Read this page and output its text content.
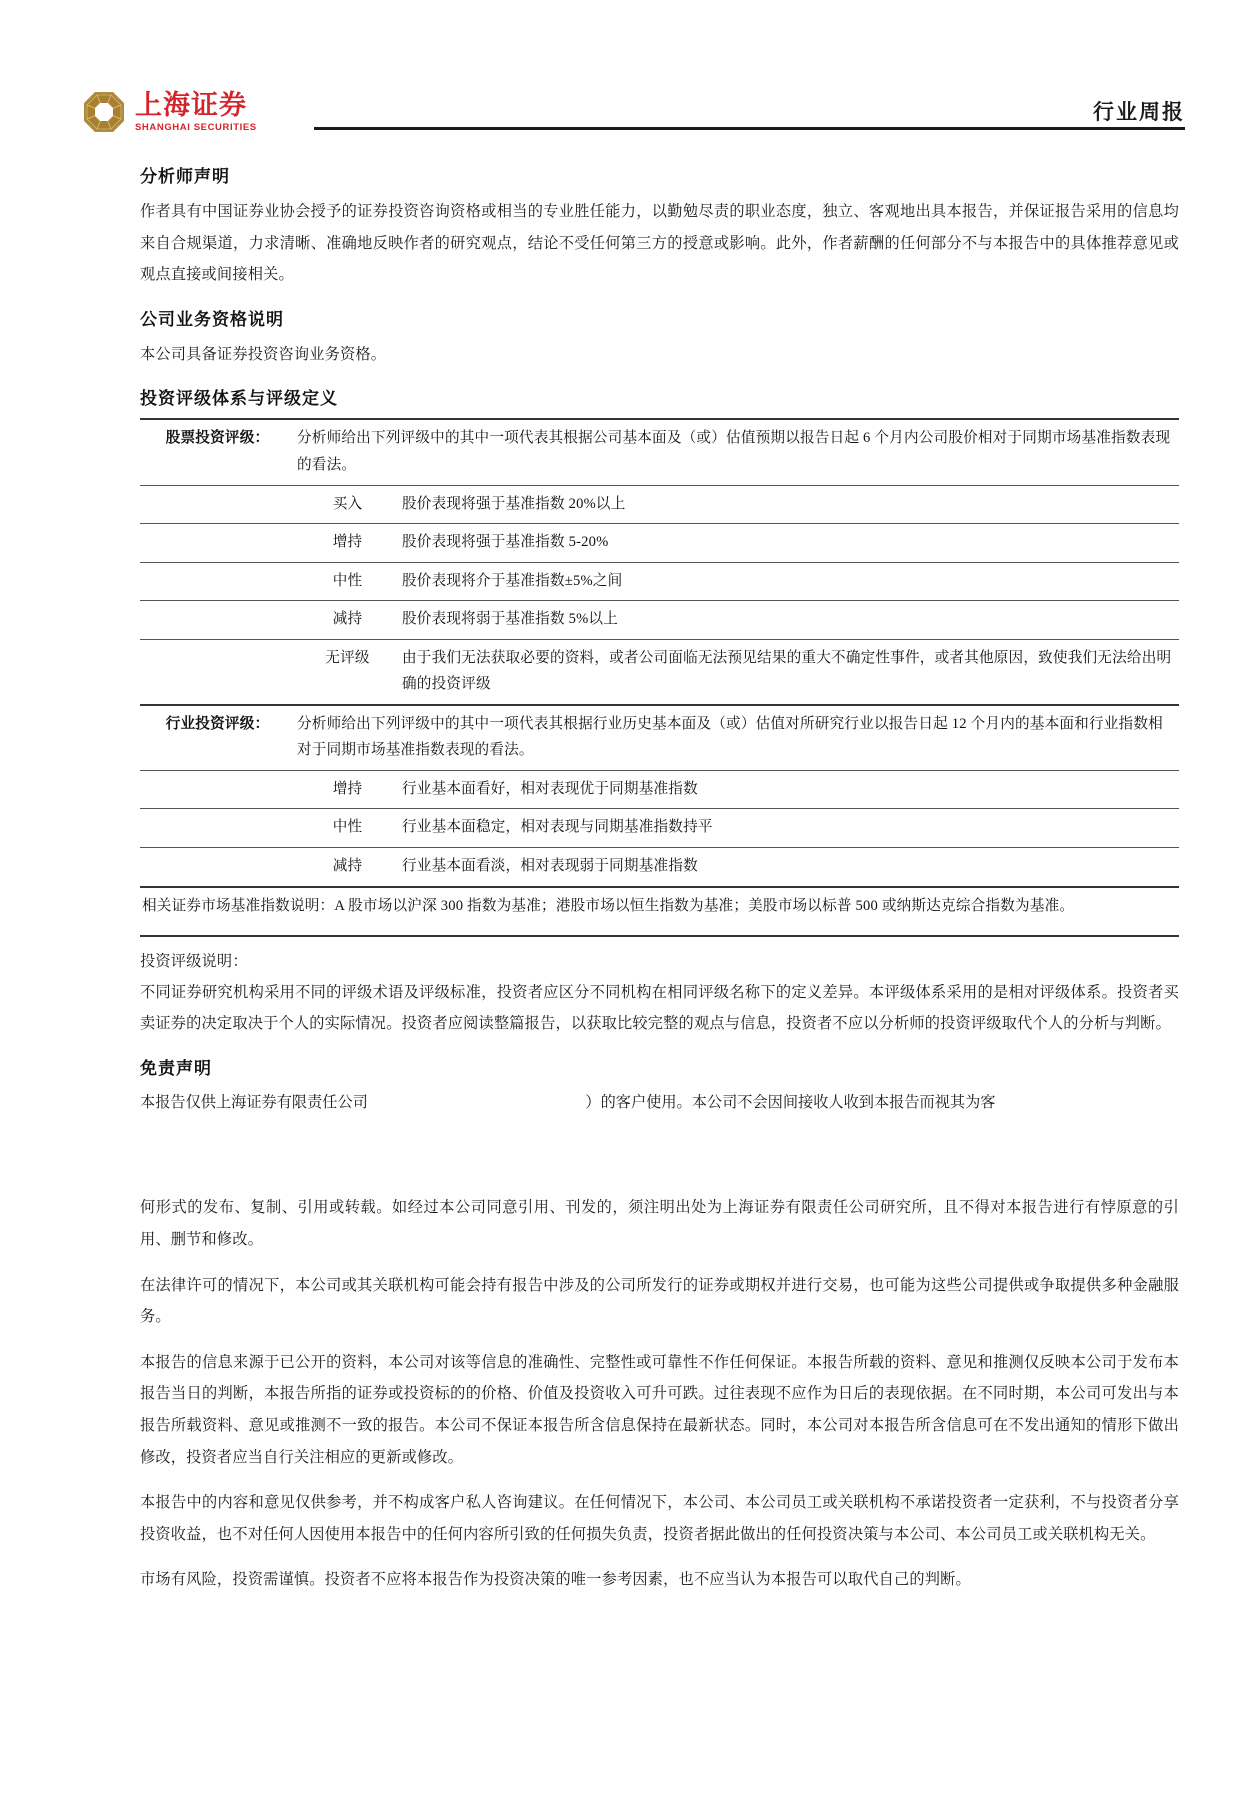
上海证券
SHANGHAI SECURITIES
行业周报
分析师声明

作者具有中国证券业协会授予的证券投资咨询资格或相当的专业胜任能力，以勤勉尽责的职业态度，独立、客观地出具本报告，并保证报告采用的信息均来自合规渠道，力求清晰、准确地反映作者的研究观点，结论不受任何第三方的授意或影响。此外，作者薪酬的任何部分不与本报告中的具体推荐意见或观点直接或间接相关。

公司业务资格说明

本公司具备证券投资咨询业务资格。

投资评级体系与评级定义
股票投资评级：	分析师给出下列评级中的其中一项代表其根据公司基本面及（或）估值预期以报告日起 6 个月内公司股价相对于同期市场基准指数表现的看法。	
	买入	股价表现将强于基准指数 20%以上
	增持	股价表现将强于基准指数 5-20%
	中性	股价表现将介于基准指数±5%之间
	减持	股价表现将弱于基准指数 5%以上
	无评级	由于我们无法获取必要的资料，或者公司面临无法预见结果的重大不确定性事件，或者其他原因，致使我们无法给出明确的投资评级
行业投资评级：	分析师给出下列评级中的其中一项代表其根据行业历史基本面及（或）估值对所研究行业以报告日起 12 个月内的基本面和行业指数相对于同期市场基准指数表现的看法。	
	增持	行业基本面看好，相对表现优于同期基准指数
	中性	行业基本面稳定，相对表现与同期基准指数持平
	减持	行业基本面看淡，相对表现弱于同期基准指数
相关证券市场基准指数说明：A 股市场以沪深 300 指数为基准；港股市场以恒生指数为基准；美股市场以标普 500 或纳斯达克综合指数为基准。		

投资评级说明：

不同证券研究机构采用不同的评级术语及评级标准，投资者应区分不同机构在相同评级名称下的定义差异。本评级体系采用的是相对评级体系。投资者买卖证券的决定取决于个人的实际情况。投资者应阅读整篇报告，以获取比较完整的观点与信息，投资者不应以分析师的投资评级取代个人的分析与判断。

免责声明

本报告仅供上海证券有限责任公司	）的客户使用。本公司不会因间接收人收到本报告而视其为客

何形式的发布、复制、引用或转载。如经过本公司同意引用、刊发的，须注明出处为上海证券有限责任公司研究所，且不得对本报告进行有悖原意的引用、删节和修改。

在法律许可的情况下，本公司或其关联机构可能会持有报告中涉及的公司所发行的证券或期权并进行交易，也可能为这些公司提供或争取提供多种金融服务。

本报告的信息来源于已公开的资料，本公司对该等信息的准确性、完整性或可靠性不作任何保证。本报告所载的资料、意见和推测仅反映本公司于发布本报告当日的判断，本报告所指的证券或投资标的的价格、价值及投资收入可升可跌。过往表现不应作为日后的表现依据。在不同时期，本公司可发出与本报告所载资料、意见或推测不一致的报告。本公司不保证本报告所含信息保持在最新状态。同时，本公司对本报告所含信息可在不发出通知的情形下做出修改，投资者应当自行关注相应的更新或修改。

本报告中的内容和意见仅供参考，并不构成客户私人咨询建议。在任何情况下，本公司、本公司员工或关联机构不承诺投资者一定获利，不与投资者分享投资收益，也不对任何人因使用本报告中的任何内容所引致的任何损失负责，投资者据此做出的任何投资决策与本公司、本公司员工或关联机构无关。

市场有风险，投资需谨慎。投资者不应将本报告作为投资决策的唯一参考因素，也不应当认为本报告可以取代自己的判断。
